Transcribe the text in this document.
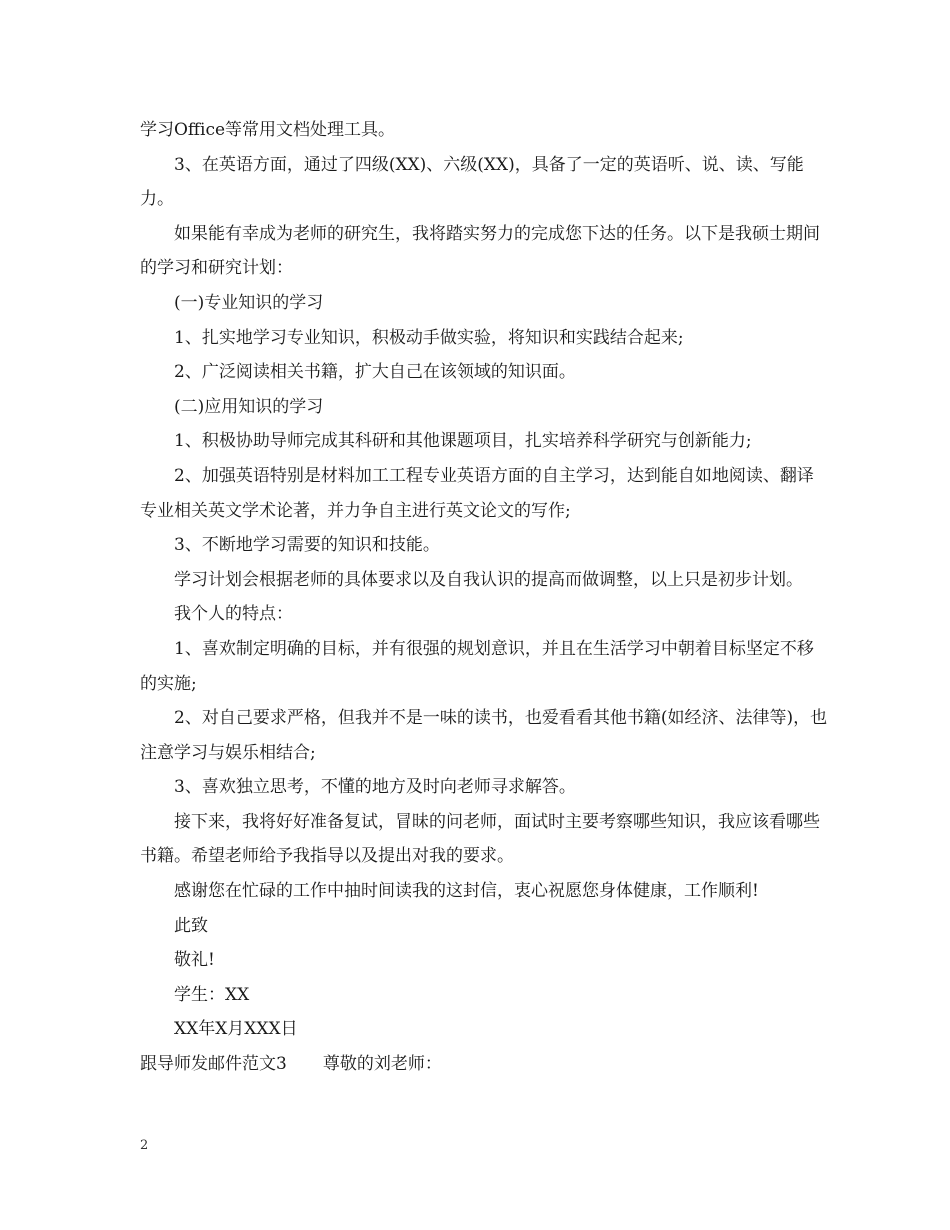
学习Office等常用文档处理工具。

3、在英语方面，通过了四级(XX)、六级(XX)，具备了一定的英语听、说、读、写能力。

如果能有幸成为老师的研究生，我将踏实努力的完成您下达的任务。以下是我硕士期间的学习和研究计划：

(一)专业知识的学习

1、扎实地学习专业知识，积极动手做实验，将知识和实践结合起来;

2、广泛阅读相关书籍，扩大自己在该领域的知识面。

(二)应用知识的学习

1、积极协助导师完成其科研和其他课题项目，扎实培养科学研究与创新能力;

2、加强英语特别是材料加工工程专业英语方面的自主学习，达到能自如地阅读、翻译专业相关英文学术论著，并力争自主进行英文论文的写作;

3、不断地学习需要的知识和技能。

学习计划会根据老师的具体要求以及自我认识的提高而做调整，以上只是初步计划。

我个人的特点：

1、喜欢制定明确的目标，并有很强的规划意识，并且在生活学习中朝着目标坚定不移的实施;

2、对自己要求严格，但我并不是一味的读书，也爱看看其他书籍(如经济、法律等)，也注意学习与娱乐相结合;

3、喜欢独立思考，不懂的地方及时向老师寻求解答。

接下来，我将好好准备复试，冒昧的问老师，面试时主要考察哪些知识，我应该看哪些书籍。希望老师给予我指导以及提出对我的要求。

感谢您在忙碌的工作中抽时间读我的这封信，衷心祝愿您身体健康，工作顺利!

此致

敬礼!

学生：XX

XX年X月XXX日

跟导师发邮件范文3 尊敬的刘老师：

2
